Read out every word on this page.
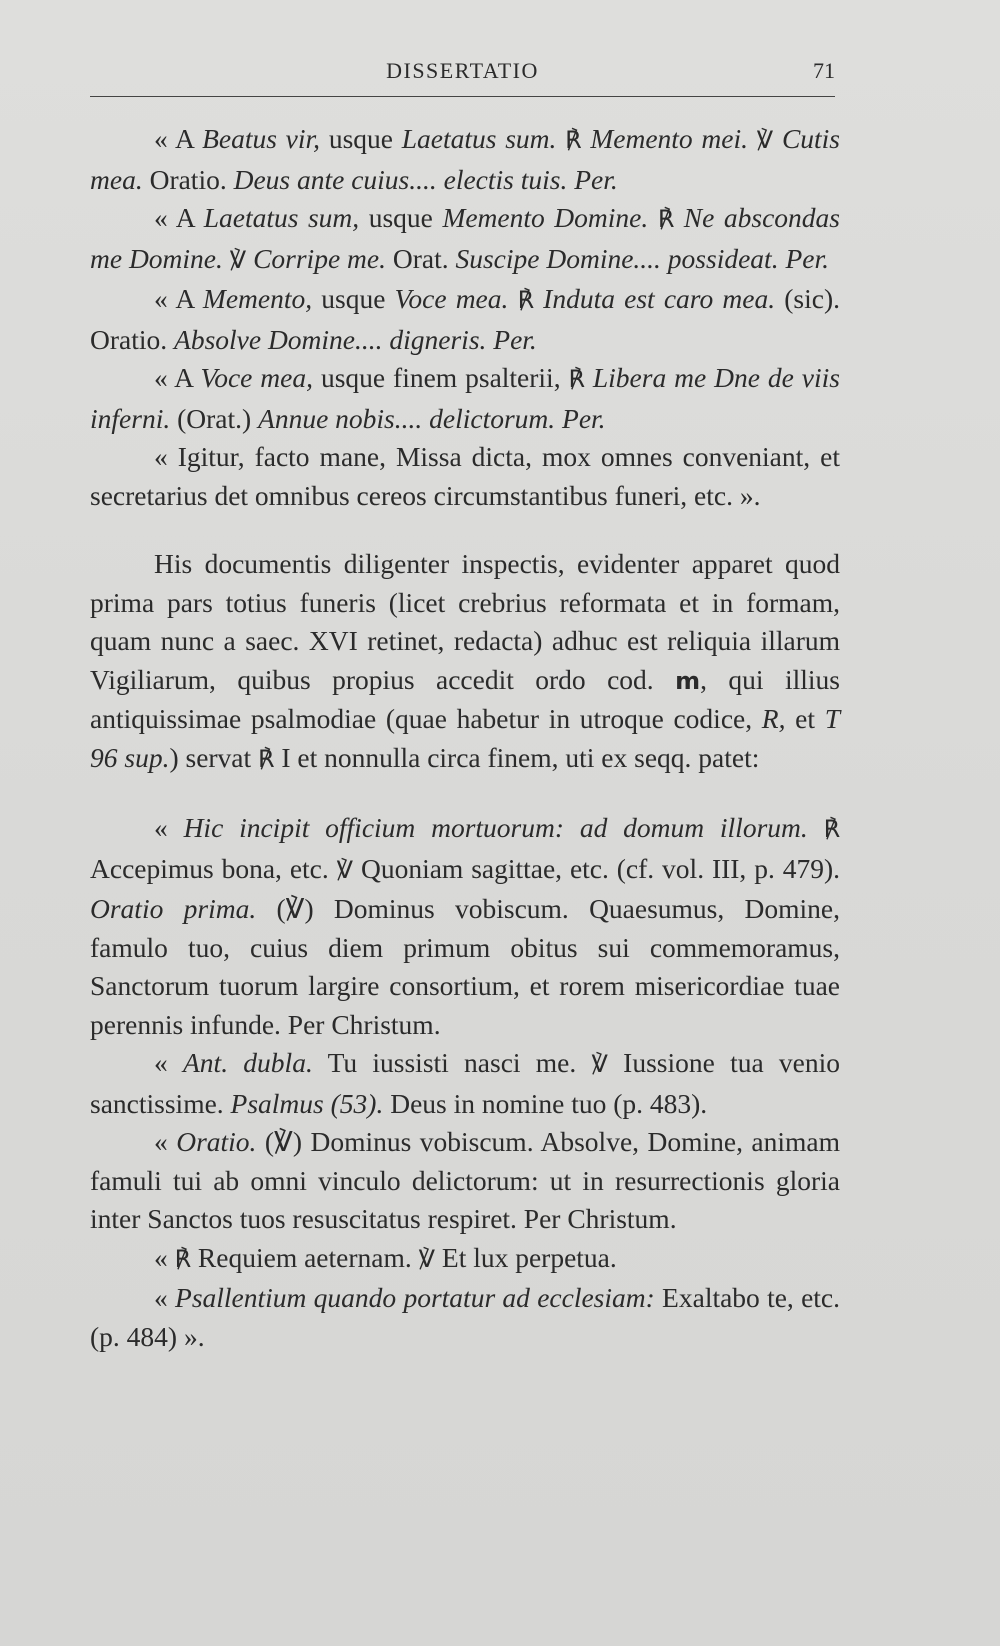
DISSERTATIO	71

« A Beatus vir, usque Laetatus sum. ℟ Memento mei. ℣ Cutis mea. Oratio. Deus ante cuius.... electis tuis. Per.

« A Laetatus sum, usque Memento Domine. ℟ Ne abscondas me Domine. ℣ Corripe me. Orat. Suscipe Domine.... possideat. Per.

« A Memento, usque Voce mea. ℟ Induta est caro mea. (sic). Oratio. Absolve Domine.... digneris. Per.

« A Voce mea, usque finem psalterii, ℟ Libera me Dne de viis inferni. (Orat.) Annue nobis.... delictorum. Per.

« Igitur, facto mane, Missa dicta, mox omnes conveniant, et secretarius det omnibus cereos circumstantibus funeri, etc. ».

His documentis diligenter inspectis, evidenter apparet quod prima pars totius funeris (licet crebrius reformata et in formam, quam nunc a saec. XVI retinet, redacta) adhuc est reliquia illarum Vigiliarum, quibus propius accedit ordo cod. m, qui illius antiquissimae psalmodiae (quae habetur in utroque codice, R, et T 96 sup.) servat ℟ I et nonnulla circa finem, uti ex seqq. patet:

« Hic incipit officium mortuorum: ad domum illorum. ℟ Accepimus bona, etc. ℣ Quoniam sagittae, etc. (cf. vol. III, p. 479). Oratio prima. (℣) Dominus vobiscum. Quaesumus, Domine, famulo tuo, cuius diem primum obitus sui commemoramus, Sanctorum tuorum largire consortium, et rorem misericordiae tuae perennis infunde. Per Christum.

« Ant. dubla. Tu iussisti nasci me. ℣ Iussione tua venio sanctissime. Psalmus (53). Deus in nomine tuo (p. 483).

« Oratio. (℣) Dominus vobiscum. Absolve, Domine, animam famuli tui ab omni vinculo delictorum: ut in resurrectionis gloria inter Sanctos tuos resuscitatus respiret. Per Christum.

« ℟ Requiem aeternam. ℣ Et lux perpetua.

« Psallentium quando portatur ad ecclesiam: Exaltabo te, etc. (p. 484) ».
